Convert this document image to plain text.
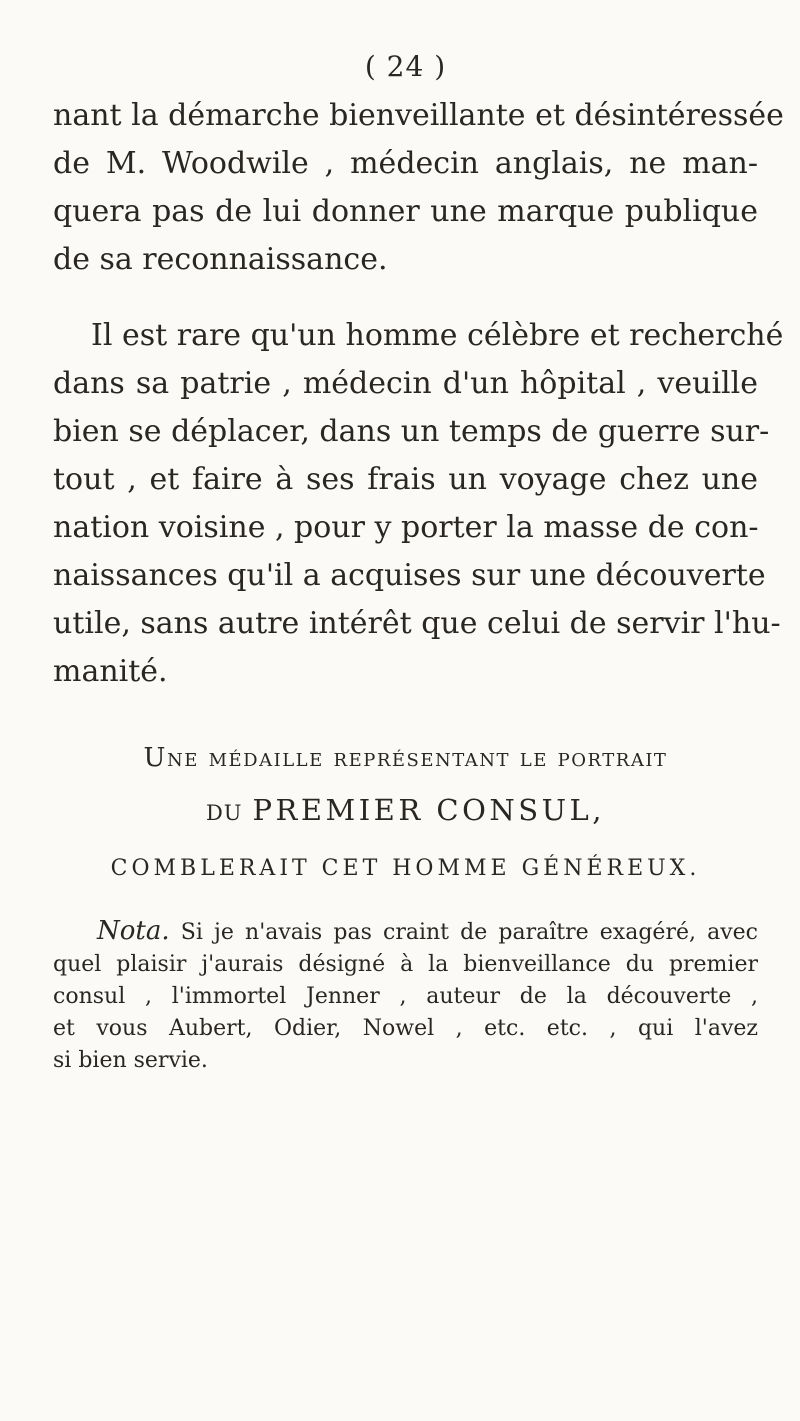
( 24 )

nant la démarche bienveillante et désintéressée
de M. Woodwile , médecin anglais, ne man-
quera pas de lui donner une marque publique
de sa reconnaissance.

Il est rare qu'un homme célèbre et recherché
dans sa patrie , médecin d'un hôpital , veuille
bien se déplacer, dans un temps de guerre sur-
tout , et faire à ses frais un voyage chez une
nation voisine , pour y porter la masse de con-
naissances qu'il a acquises sur une découverte
utile, sans autre intérêt que celui de servir l'hu-
manité.

Une médaille représentant le portrait
DU PREMIER CONSUL,
COMBLERAIT CET HOMME GÉNÉREUX.
Nota. Si je n'avais pas craint de paraître exagéré, avec
quel plaisir j'aurais désigné à la bienveillance du premier
consul , l'immortel Jenner , auteur de la découverte ,
et vous Aubert, Odier, Nowel , etc. etc. , qui l'avez
si bien servie.
